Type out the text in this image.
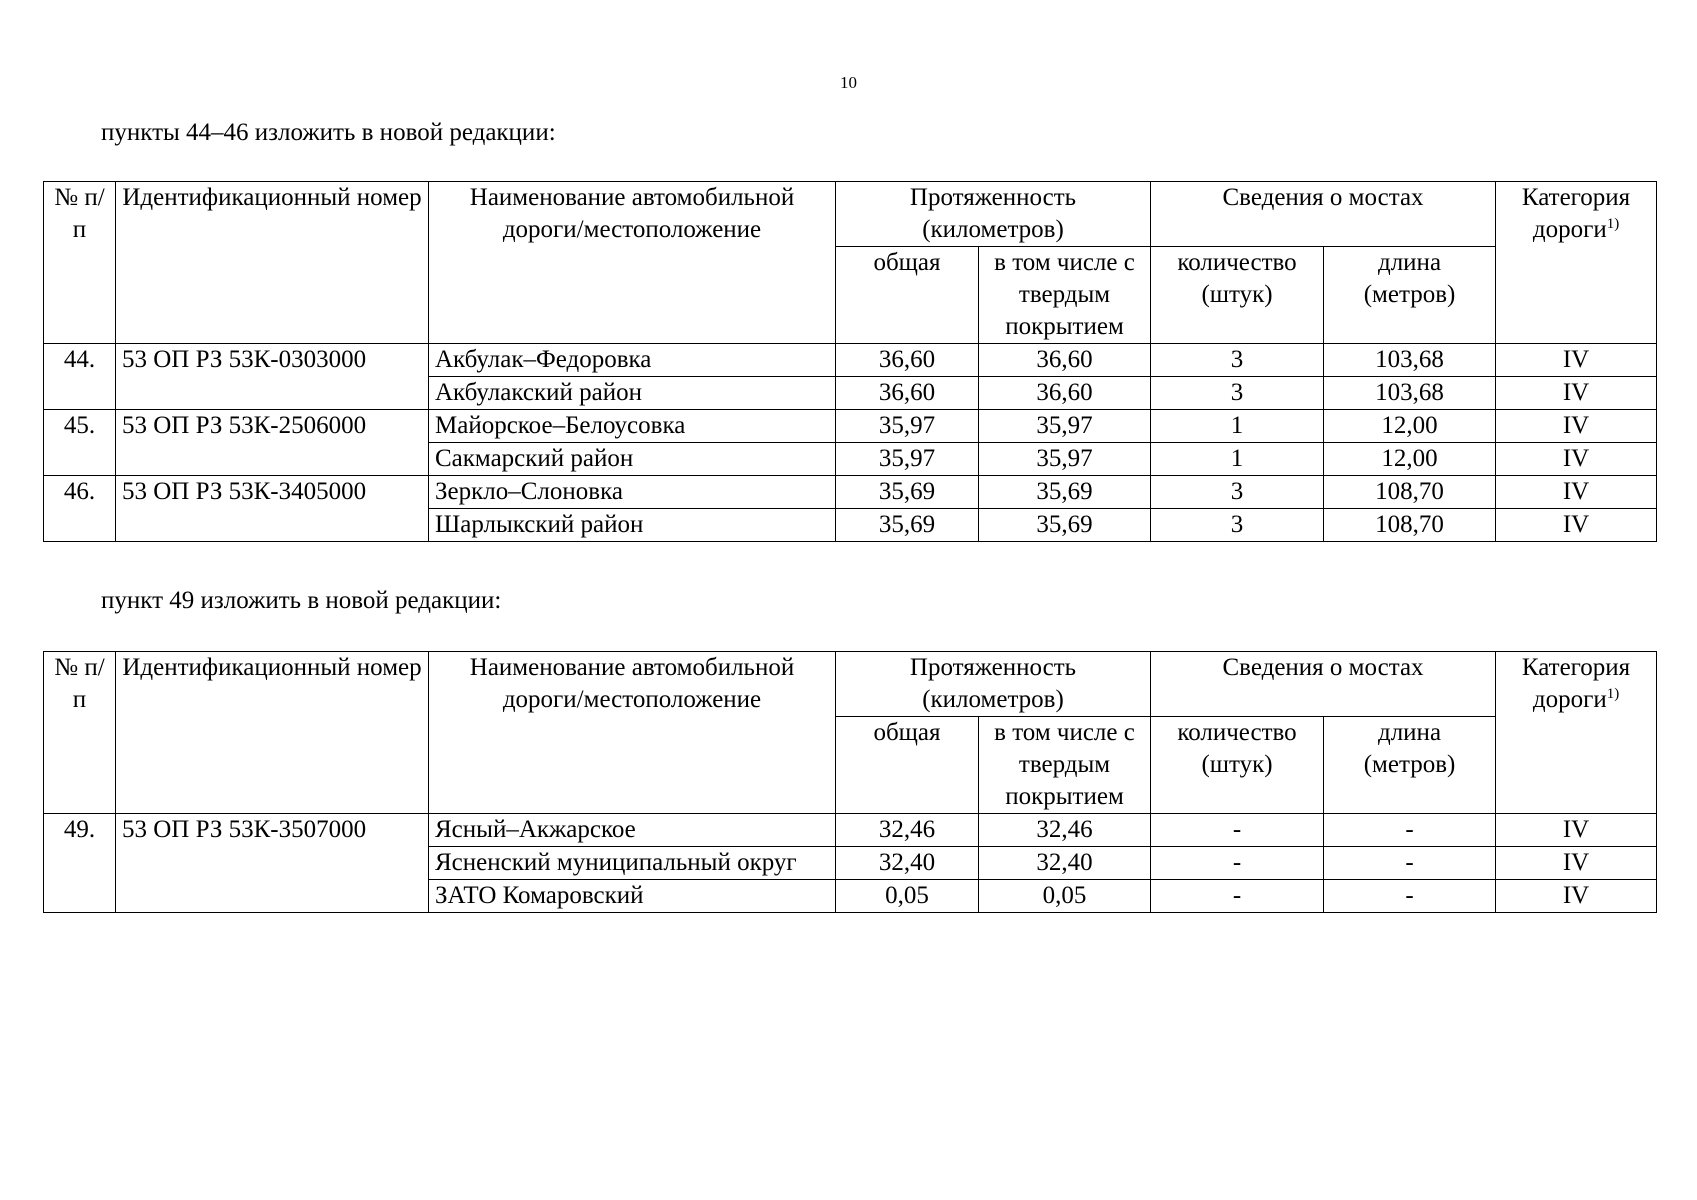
10
пункты 44–46 изложить в новой редакции:
№ п/п	Идентификационный номер	Наименование автомобильной дороги/местоположение	Протяженность (километров)		Сведения о мостах		Категория дороги$^{1)}$
			общая	в том числе с твердым покрытием	количество (штук)	длина (метров)	
44.	53 ОП РЗ 53К-0303000	Акбулак–Федоровка	36,60	36,60	3	103,68	IV
		Акбулакский район	36,60	36,60	3	103,68	IV
45.	53 ОП РЗ 53К-2506000	Майорское–Белоусовка	35,97	35,97	1	12,00	IV
		Сакмарский район	35,97	35,97	1	12,00	IV
46.	53 ОП РЗ 53К-3405000	Зеркло–Слоновка	35,69	35,69	3	108,70	IV
		Шарлыкский район	35,69	35,69	3	108,70	IV
пункт 49 изложить в новой редакции:
№ п/п	Идентификационный номер	Наименование автомобильной дороги/местоположение	Протяженность (километров)		Сведения о мостах		Категория дороги$^{1)}$
			общая	в том числе с твердым покрытием	количество (штук)	длина (метров)	
49.	53 ОП РЗ 53К-3507000	Ясный–Акжарское	32,46	32,46	-	-	IV
		Ясненский муниципальный округ	32,40	32,40	-	-	IV
		ЗАТО Комаровский	0,05	0,05	-	-	IV
